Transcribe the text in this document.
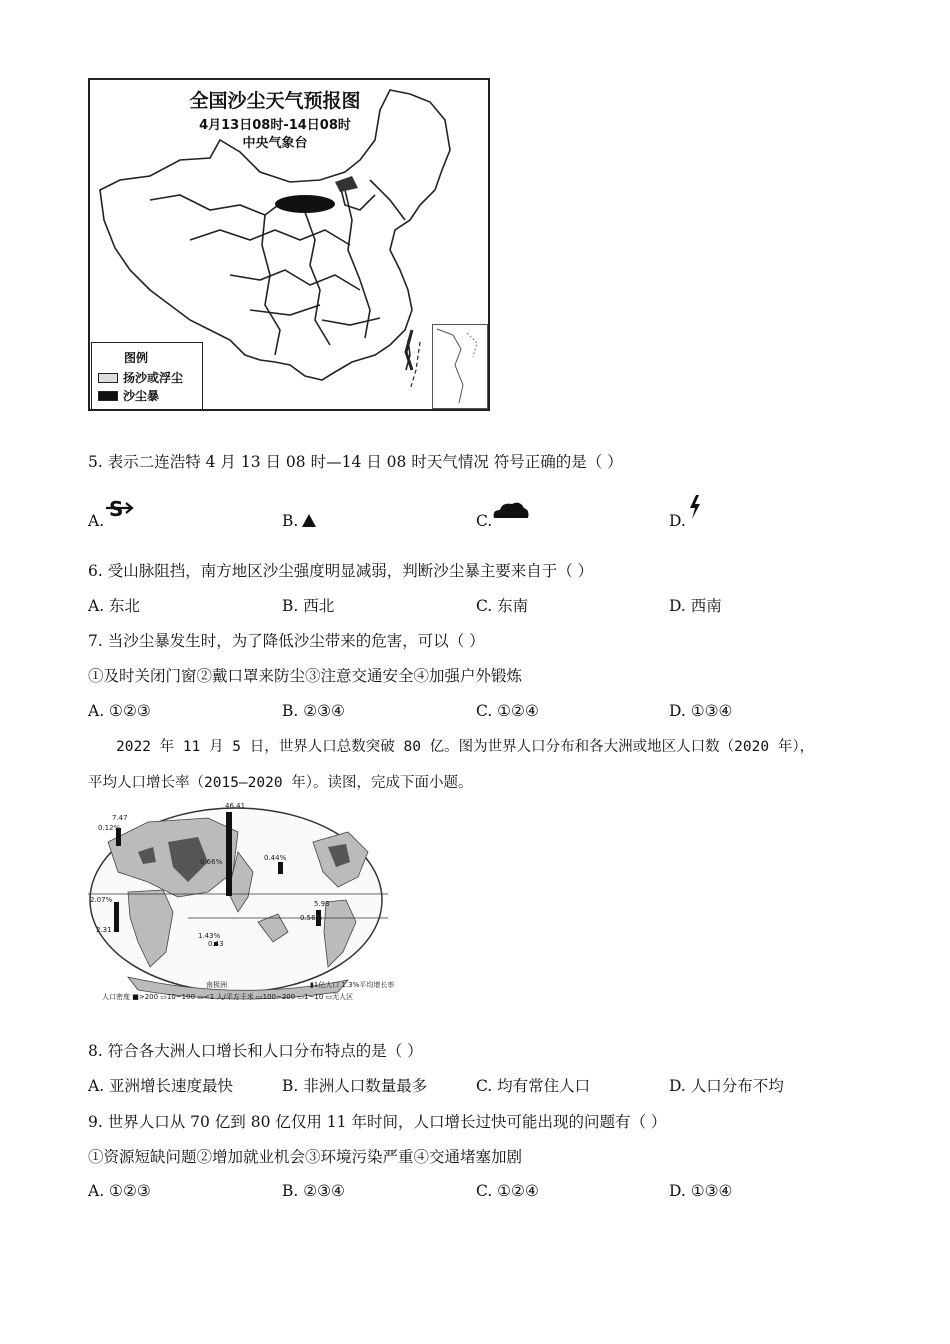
全国沙尘天气预报图
4月13日08时-14日08时
中央气象台
图例
扬沙或浮尘
沙尘暴
5. 表示二连浩特 4 月 13 日 08 时—14 日 08 时天气情况 符号正确的是（ ）
A. S	B.	C.	D.
6. 受山脉阻挡，南方地区沙尘强度明显减弱，判断沙尘暴主要来自于（ ）
A. 东北	B. 西北	C. 东南	D. 西南
7. 当沙尘暴发生时，为了降低沙尘带来的危害，可以（ ）
①及时关闭门窗②戴口罩来防尘③注意交通安全④加强户外锻炼
A. ①②③	B. ②③④	C. ①②④	D. ①③④
2022 年 11 月 5 日，世界人口总数突破 80 亿。图为世界人口分布和各大洲或地区人口数（2020 年），
平均人口增长率（2015—2020 年）。读图，完成下面小题。
7.47
0.12%
46.41
0.66%	0.44%
5.93
2.07%
0.56%
2.31
1.43%
0.43
南极洲
人口密度 ■>200 ▭10~100 ▭<1 人/平方千米 ▭100~200 ▭1~10 ▭无人区
▮1亿人口 1.3%平均增长率
8. 符合各大洲人口增长和人口分布特点的是（ ）
A. 亚洲增长速度最快	B. 非洲人口数量最多	C. 均有常住人口	D. 人口分布不均
9. 世界人口从 70 亿到 80 亿仅用 11 年时间，人口增长过快可能出现的问题有（ ）
①资源短缺问题②增加就业机会③环境污染严重④交通堵塞加剧
A. ①②③	B. ②③④	C. ①②④	D. ①③④
